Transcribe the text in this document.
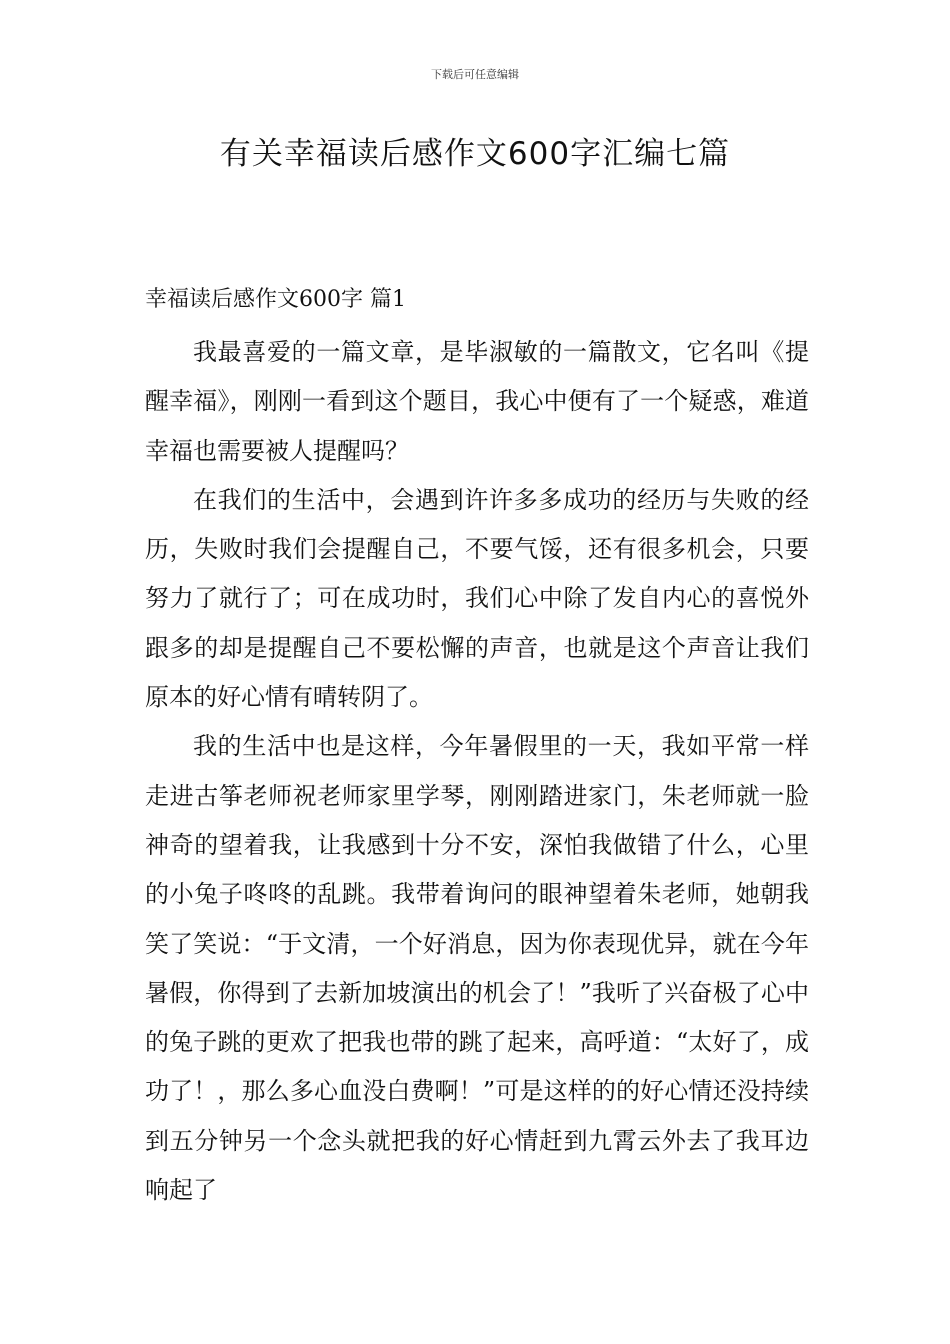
下载后可任意编辑
有关幸福读后感作文600字汇编七篇
幸福读后感作文600字 篇1

我最喜爱的一篇文章，是毕淑敏的一篇散文，它名叫《提醒幸福》，刚刚一看到这个题目，我心中便有了一个疑惑，难道幸福也需要被人提醒吗？

在我们的生活中，会遇到许许多多成功的经历与失败的经历，失败时我们会提醒自己，不要气馁，还有很多机会，只要努力了就行了；可在成功时，我们心中除了发自内心的喜悦外跟多的却是提醒自己不要松懈的声音，也就是这个声音让我们原本的好心情有晴转阴了。

我的生活中也是这样，今年暑假里的一天，我如平常一样走进古筝老师祝老师家里学琴，刚刚踏进家门，朱老师就一脸神奇的望着我，让我感到十分不安，深怕我做错了什么，心里的小兔子咚咚的乱跳。我带着询问的眼神望着朱老师，她朝我笑了笑说：“于文清，一个好消息，因为你表现优异，就在今年暑假，你得到了去新加坡演出的机会了！”我听了兴奋极了心中的兔子跳的更欢了把我也带的跳了起来，高呼道：“太好了，成功了！，那么多心血没白费啊！”可是这样的的好心情还没持续到五分钟另一个念头就把我的好心情赶到九霄云外去了我耳边响起了
